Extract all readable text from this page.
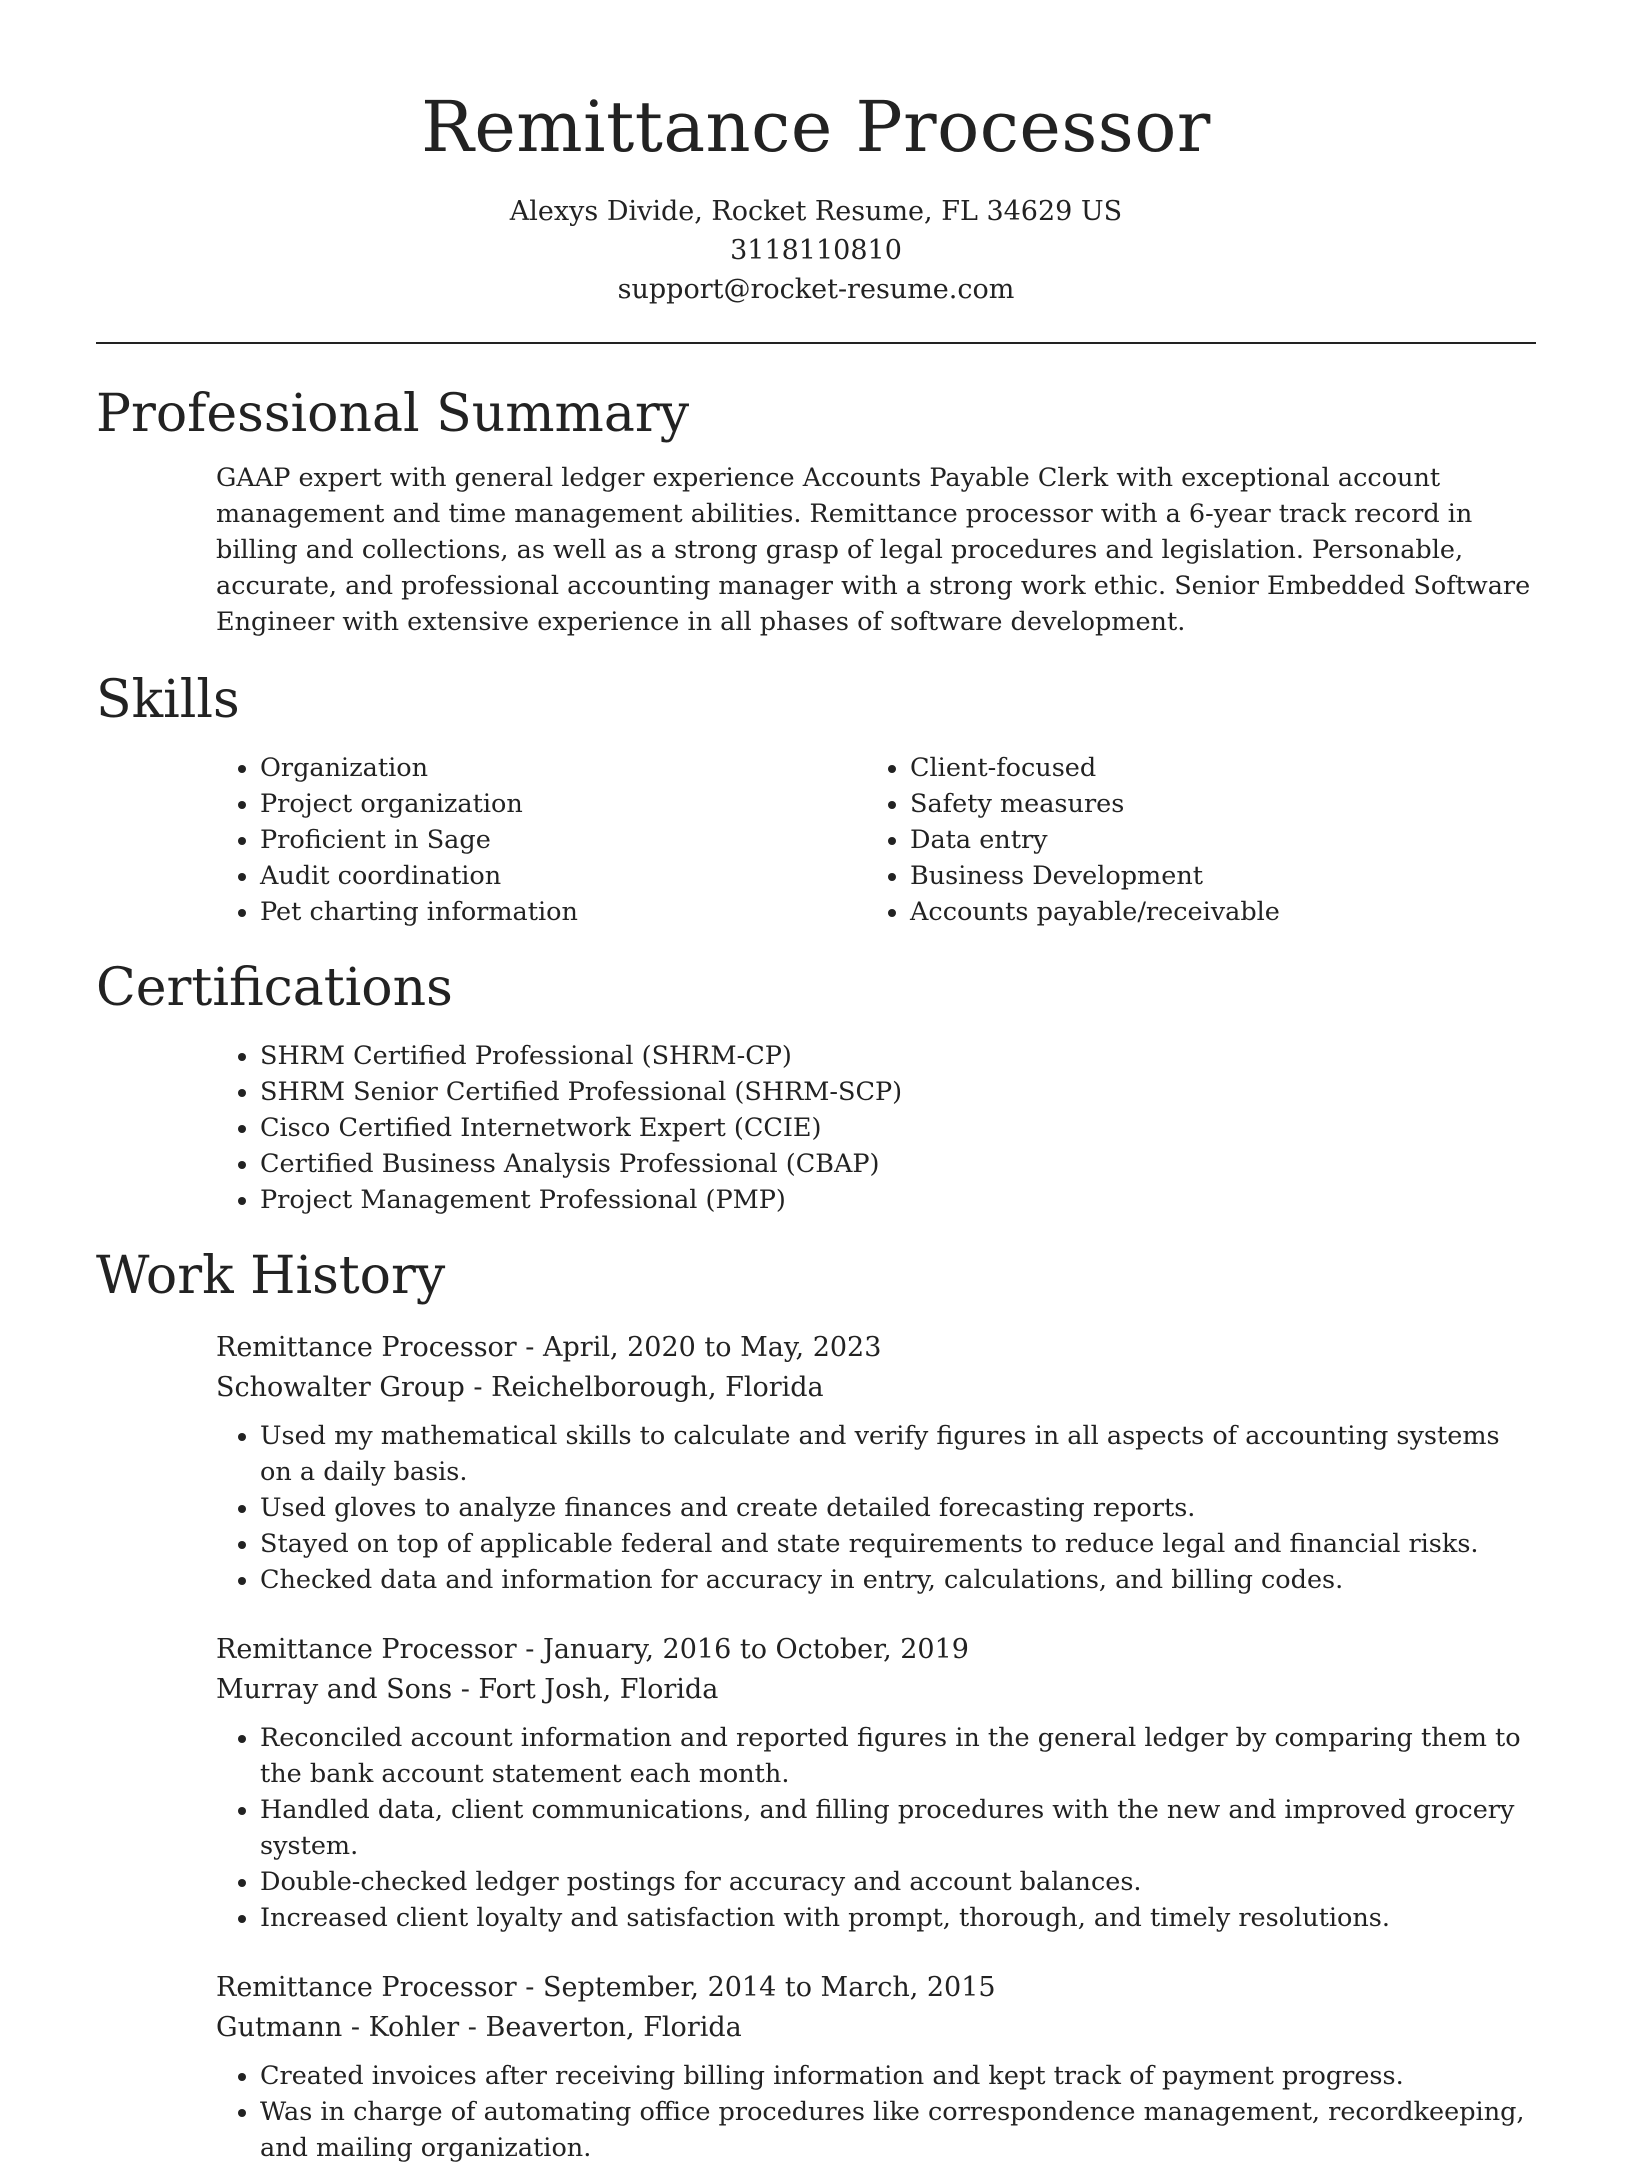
Remittance Processor
Alexys Divide, Rocket Resume, FL 34629 US
3118110810
support@rocket-resume.com
Professional Summary

GAAP expert with general ledger experience Accounts Payable Clerk with exceptional account management and time management abilities. Remittance processor with a 6-year track record in billing and collections, as well as a strong grasp of legal procedures and legislation. Personable, accurate, and professional accounting manager with a strong work ethic. Senior Embedded Software Engineer with extensive experience in all phases of software development.

Skills
• Organization
• Project organization
• Proficient in Sage
• Audit coordination
• Pet charting information
• Client-focused
• Safety measures
• Data entry
• Business Development
• Accounts payable/receivable
Certifications
• SHRM Certified Professional (SHRM-CP)
• SHRM Senior Certified Professional (SHRM-SCP)
• Cisco Certified Internetwork Expert (CCIE)
• Certified Business Analysis Professional (CBAP)
• Project Management Professional (PMP)
Work History
Remittance Processor - April, 2020 to May, 2023
Schowalter Group - Reichelborough, Florida
• Used my mathematical skills to calculate and verify figures in all aspects of accounting systems on a daily basis.
• Used gloves to analyze finances and create detailed forecasting reports.
• Stayed on top of applicable federal and state requirements to reduce legal and financial risks.
• Checked data and information for accuracy in entry, calculations, and billing codes.
Remittance Processor - January, 2016 to October, 2019
Murray and Sons - Fort Josh, Florida
• Reconciled account information and reported figures in the general ledger by comparing them to the bank account statement each month.
• Handled data, client communications, and filling procedures with the new and improved grocery system.
• Double-checked ledger postings for accuracy and account balances.
• Increased client loyalty and satisfaction with prompt, thorough, and timely resolutions.
Remittance Processor - September, 2014 to March, 2015
Gutmann - Kohler - Beaverton, Florida
• Created invoices after receiving billing information and kept track of payment progress.
• Was in charge of automating office procedures like correspondence management, recordkeeping, and mailing organization.
